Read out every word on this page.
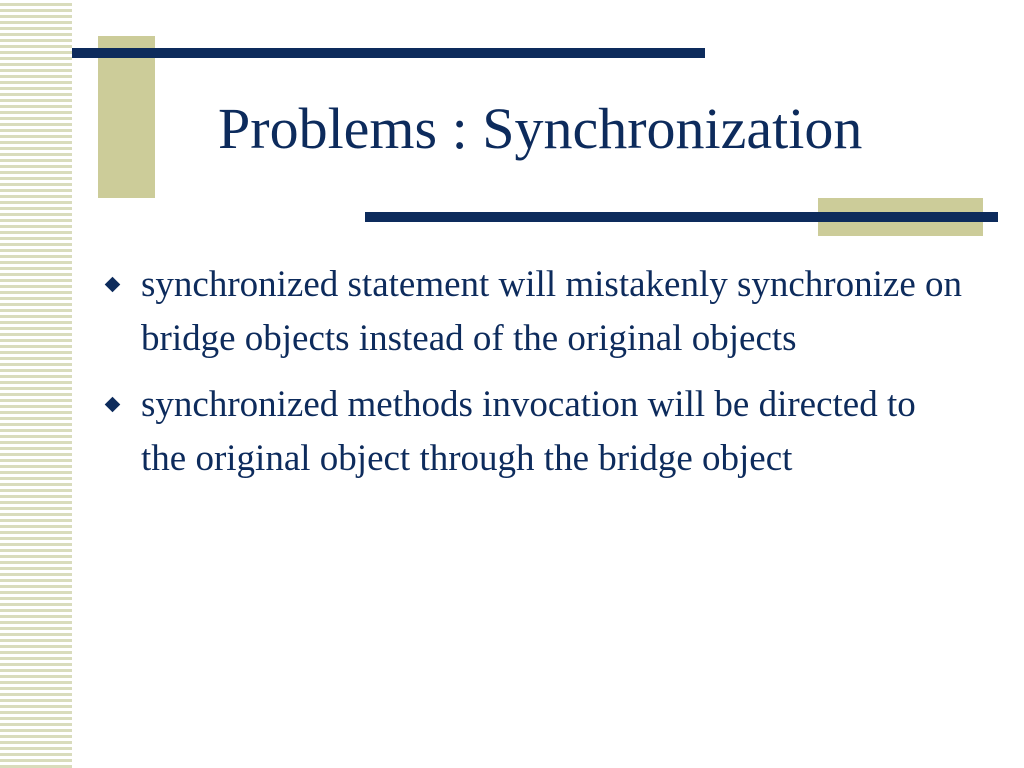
Problems : Synchronization
synchronized statement will mistakenly synchronize on bridge objects instead of the original objects
synchronized methods invocation will be directed to the original object through the bridge object
